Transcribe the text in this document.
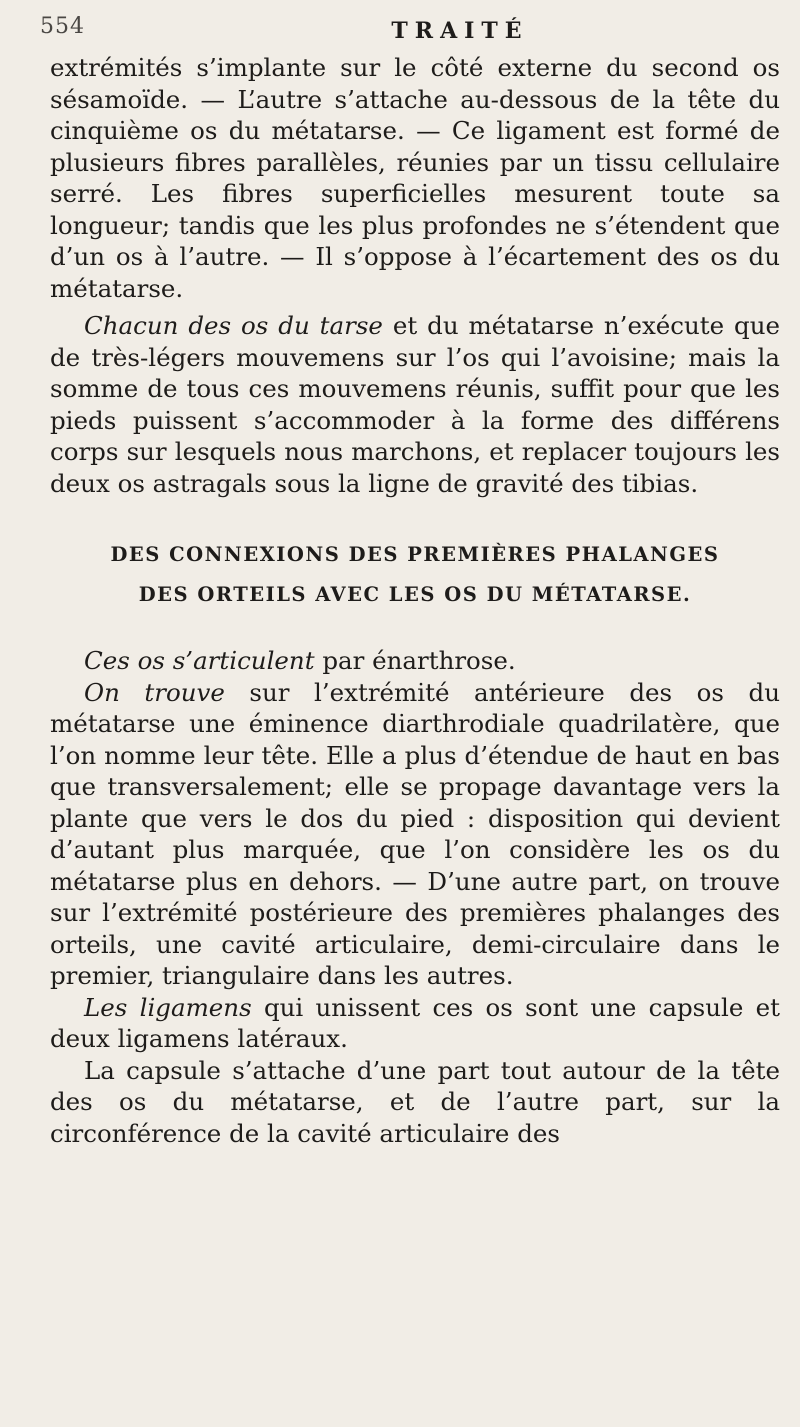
554	TRAITÉ

extrémités s’implante sur le côté externe du second os sésamoïde. — L’autre s’attache au-dessous de la tête du cinquième os du métatarse. — Ce ligament est formé de plusieurs fibres parallèles, réunies par un tissu cellulaire serré. Les fibres superficielles mesurent toute sa longueur; tandis que les plus profondes ne s’étendent que d’un os à l’autre. — Il s’oppose à l’écartement des os du métatarse.

Chacun des os du tarse et du métatarse n’exécute que de très-légers mouvemens sur l’os qui l’avoisine; mais la somme de tous ces mouvemens réunis, suffit pour que les pieds puissent s’accommoder à la forme des différens corps sur lesquels nous marchons, et replacer toujours les deux os astragals sous la ligne de gravité des tibias.

DES CONNEXIONS DES PREMIÈRES PHALANGES
DES ORTEILS AVEC LES OS DU MÉTATARSE.

Ces os s’articulent par énarthrose.

On trouve sur l’extrémité antérieure des os du métatarse une éminence diarthrodiale quadrilatère, que l’on nomme leur tête. Elle a plus d’étendue de haut en bas que transversalement; elle se propage davantage vers la plante que vers le dos du pied : disposition qui devient d’autant plus marquée, que l’on considère les os du métatarse plus en dehors. — D’une autre part, on trouve sur l’extrémité postérieure des premières phalanges des orteils, une cavité articulaire, demi-circulaire dans le premier, triangulaire dans les autres.

Les ligamens qui unissent ces os sont une capsule et deux ligamens latéraux.

La capsule s’attache d’une part tout autour de la tête des os du métatarse, et de l’autre part, sur la circonférence de la cavité articulaire des
